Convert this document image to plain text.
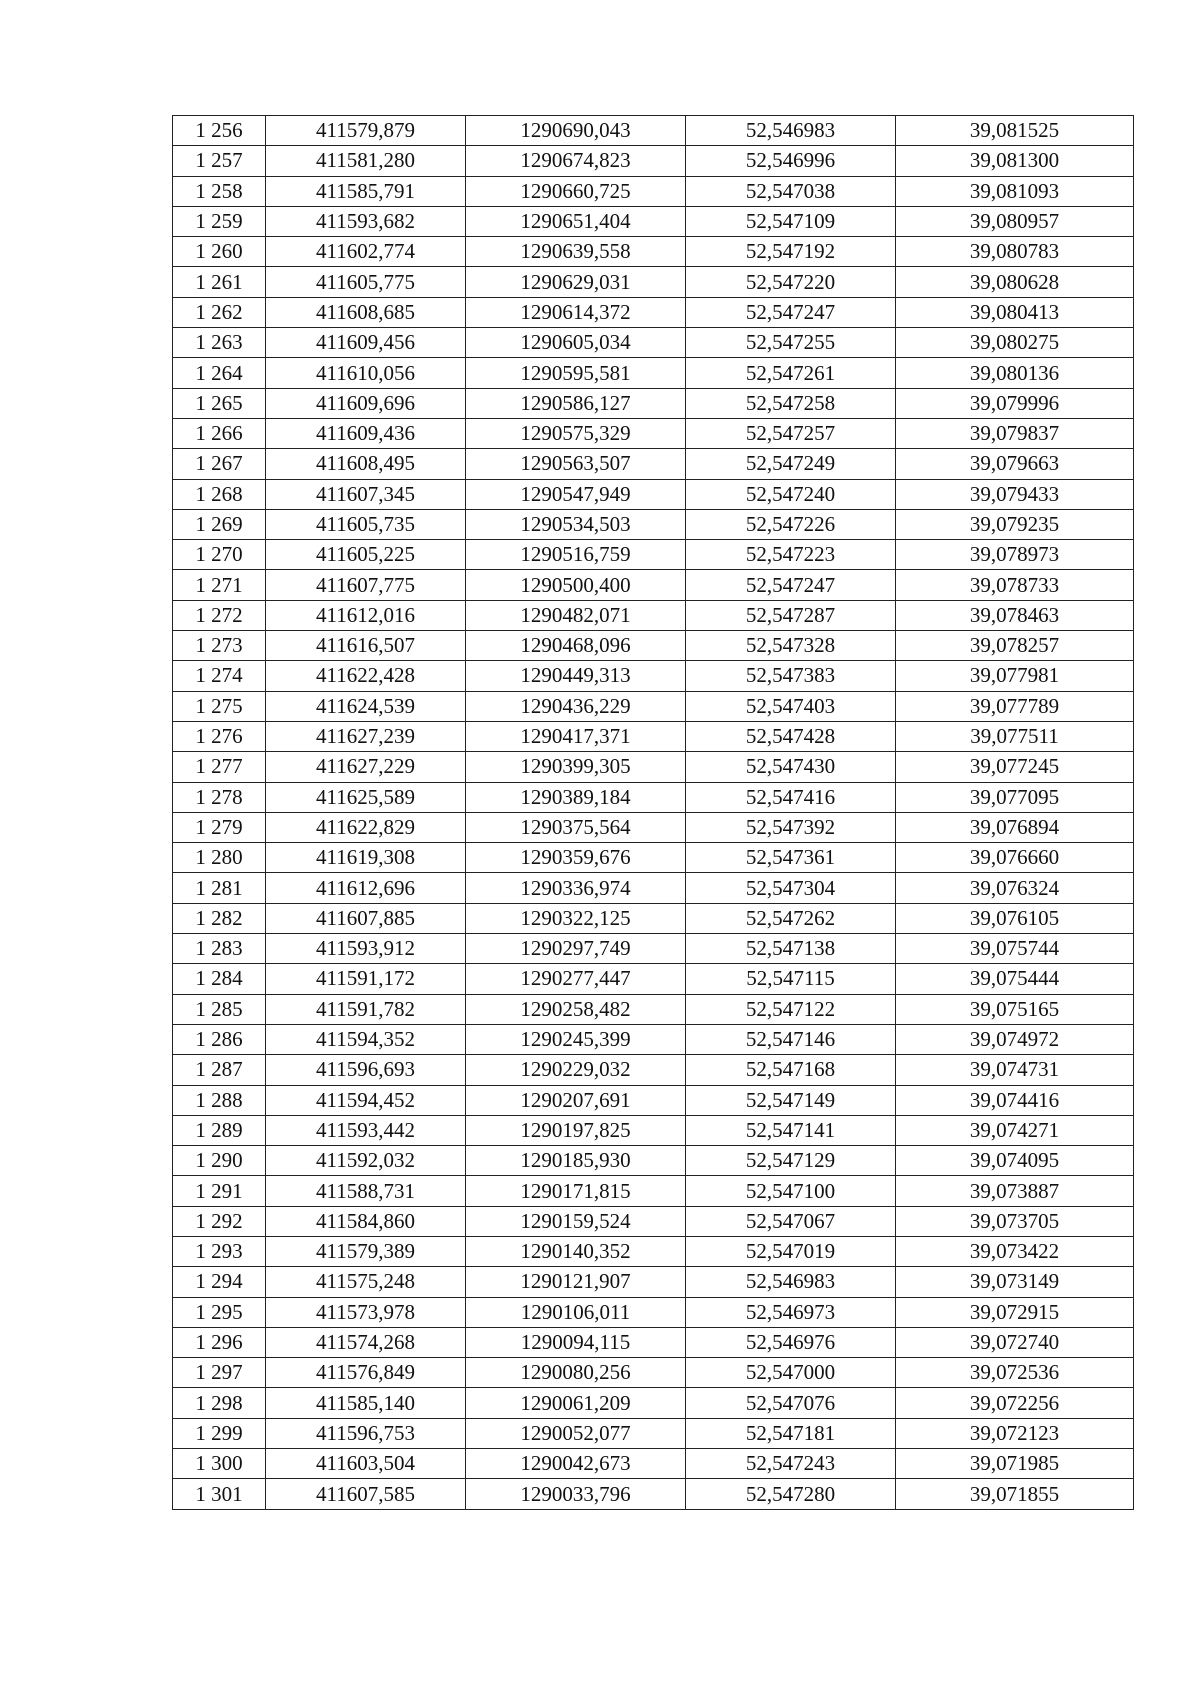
1 256	411579,879	1290690,043	52,546983	39,081525
1 257	411581,280	1290674,823	52,546996	39,081300
1 258	411585,791	1290660,725	52,547038	39,081093
1 259	411593,682	1290651,404	52,547109	39,080957
1 260	411602,774	1290639,558	52,547192	39,080783
1 261	411605,775	1290629,031	52,547220	39,080628
1 262	411608,685	1290614,372	52,547247	39,080413
1 263	411609,456	1290605,034	52,547255	39,080275
1 264	411610,056	1290595,581	52,547261	39,080136
1 265	411609,696	1290586,127	52,547258	39,079996
1 266	411609,436	1290575,329	52,547257	39,079837
1 267	411608,495	1290563,507	52,547249	39,079663
1 268	411607,345	1290547,949	52,547240	39,079433
1 269	411605,735	1290534,503	52,547226	39,079235
1 270	411605,225	1290516,759	52,547223	39,078973
1 271	411607,775	1290500,400	52,547247	39,078733
1 272	411612,016	1290482,071	52,547287	39,078463
1 273	411616,507	1290468,096	52,547328	39,078257
1 274	411622,428	1290449,313	52,547383	39,077981
1 275	411624,539	1290436,229	52,547403	39,077789
1 276	411627,239	1290417,371	52,547428	39,077511
1 277	411627,229	1290399,305	52,547430	39,077245
1 278	411625,589	1290389,184	52,547416	39,077095
1 279	411622,829	1290375,564	52,547392	39,076894
1 280	411619,308	1290359,676	52,547361	39,076660
1 281	411612,696	1290336,974	52,547304	39,076324
1 282	411607,885	1290322,125	52,547262	39,076105
1 283	411593,912	1290297,749	52,547138	39,075744
1 284	411591,172	1290277,447	52,547115	39,075444
1 285	411591,782	1290258,482	52,547122	39,075165
1 286	411594,352	1290245,399	52,547146	39,074972
1 287	411596,693	1290229,032	52,547168	39,074731
1 288	411594,452	1290207,691	52,547149	39,074416
1 289	411593,442	1290197,825	52,547141	39,074271
1 290	411592,032	1290185,930	52,547129	39,074095
1 291	411588,731	1290171,815	52,547100	39,073887
1 292	411584,860	1290159,524	52,547067	39,073705
1 293	411579,389	1290140,352	52,547019	39,073422
1 294	411575,248	1290121,907	52,546983	39,073149
1 295	411573,978	1290106,011	52,546973	39,072915
1 296	411574,268	1290094,115	52,546976	39,072740
1 297	411576,849	1290080,256	52,547000	39,072536
1 298	411585,140	1290061,209	52,547076	39,072256
1 299	411596,753	1290052,077	52,547181	39,072123
1 300	411603,504	1290042,673	52,547243	39,071985
1 301	411607,585	1290033,796	52,547280	39,071855
